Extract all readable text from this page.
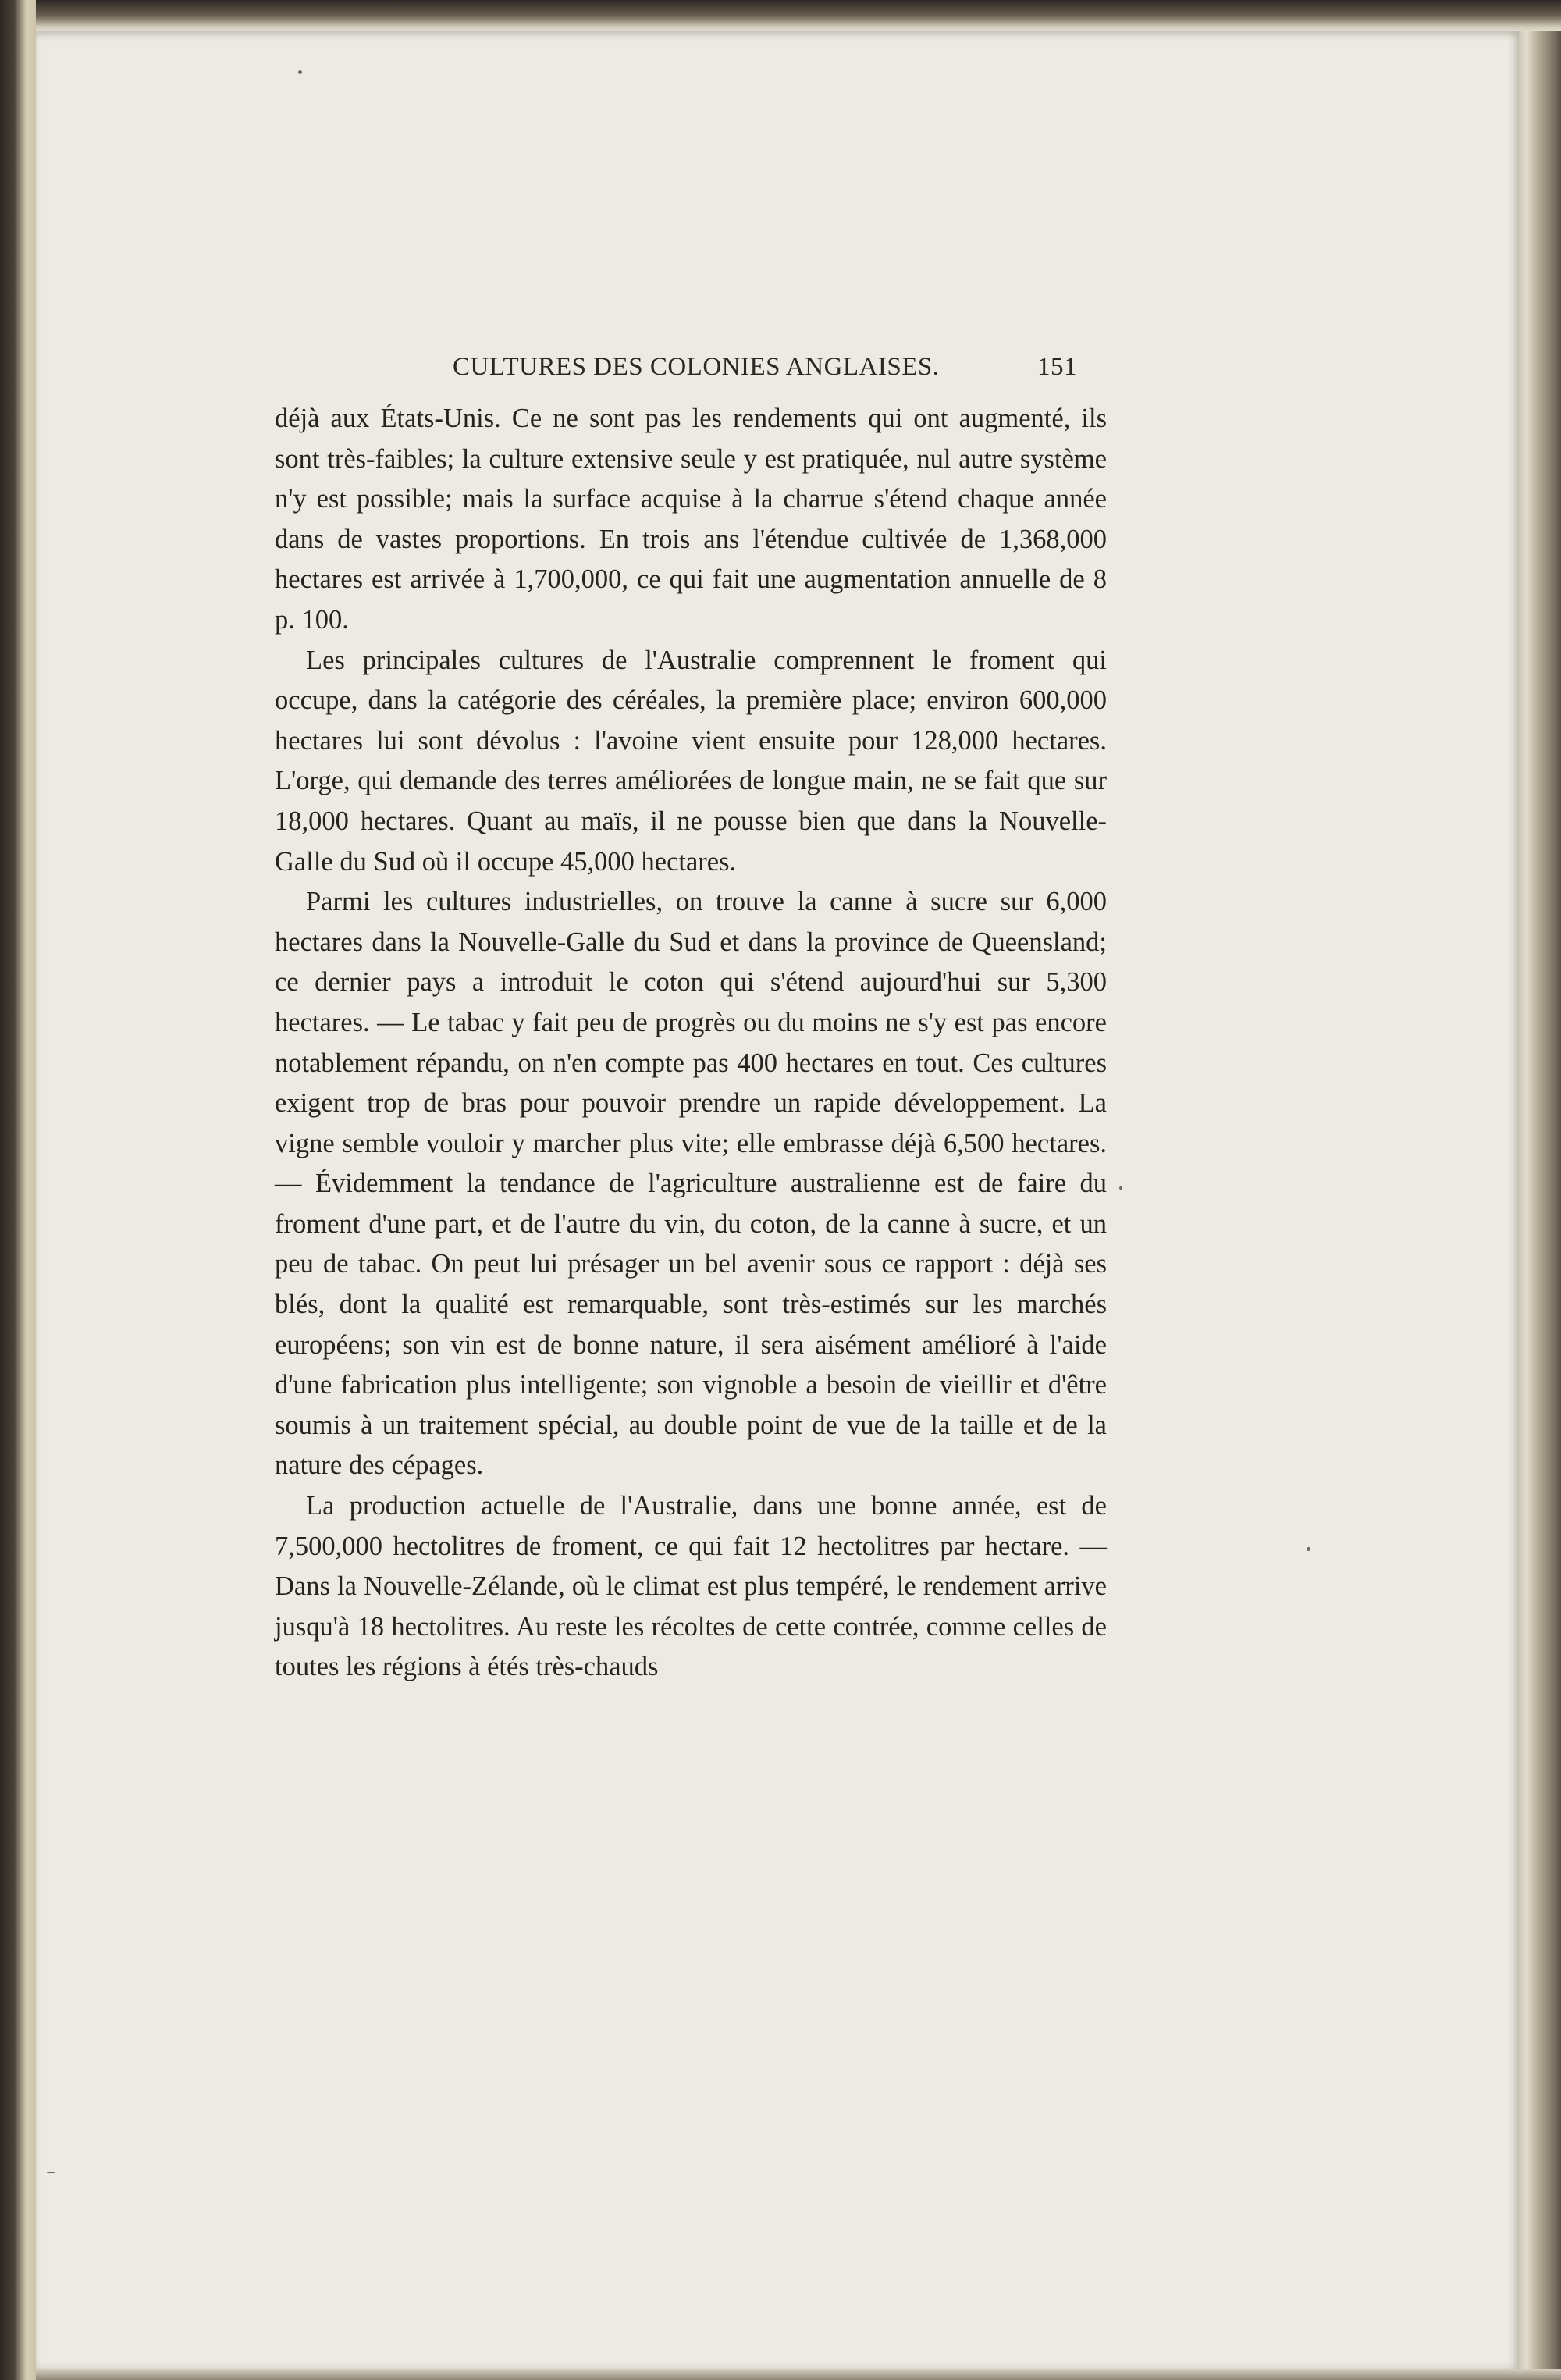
CULTURES DES COLONIES ANGLAISES.	151

déjà aux États-Unis. Ce ne sont pas les rendements qui ont augmenté, ils sont très-faibles; la culture extensive seule y est pratiquée, nul autre système n'y est possible; mais la surface acquise à la charrue s'étend chaque année dans de vastes proportions. En trois ans l'étendue cultivée de 1,368,000 hectares est arrivée à 1,700,000, ce qui fait une augmentation annuelle de 8 p. 100.

Les principales cultures de l'Australie comprennent le froment qui occupe, dans la catégorie des céréales, la première place; environ 600,000 hectares lui sont dévolus : l'avoine vient ensuite pour 128,000 hectares. L'orge, qui demande des terres améliorées de longue main, ne se fait que sur 18,000 hectares. Quant au maïs, il ne pousse bien que dans la Nouvelle-Galle du Sud où il occupe 45,000 hectares.

Parmi les cultures industrielles, on trouve la canne à sucre sur 6,000 hectares dans la Nouvelle-Galle du Sud et dans la province de Queensland; ce dernier pays a introduit le coton qui s'étend aujourd'hui sur 5,300 hectares. — Le tabac y fait peu de progrès ou du moins ne s'y est pas encore notablement répandu, on n'en compte pas 400 hectares en tout. Ces cultures exigent trop de bras pour pouvoir prendre un rapide développement. La vigne semble vouloir y marcher plus vite; elle embrasse déjà 6,500 hectares. — Évidemment la tendance de l'agriculture australienne est de faire du froment d'une part, et de l'autre du vin, du coton, de la canne à sucre, et un peu de tabac. On peut lui présager un bel avenir sous ce rapport : déjà ses blés, dont la qualité est remarquable, sont très-estimés sur les marchés européens; son vin est de bonne nature, il sera aisément amélioré à l'aide d'une fabrication plus intelligente; son vignoble a besoin de vieillir et d'être soumis à un traitement spécial, au double point de vue de la taille et de la nature des cépages.

La production actuelle de l'Australie, dans une bonne année, est de 7,500,000 hectolitres de froment, ce qui fait 12 hectolitres par hectare. — Dans la Nouvelle-Zélande, où le climat est plus tempéré, le rendement arrive jusqu'à 18 hectolitres. Au reste les récoltes de cette contrée, comme celles de toutes les régions à étés très-chauds
